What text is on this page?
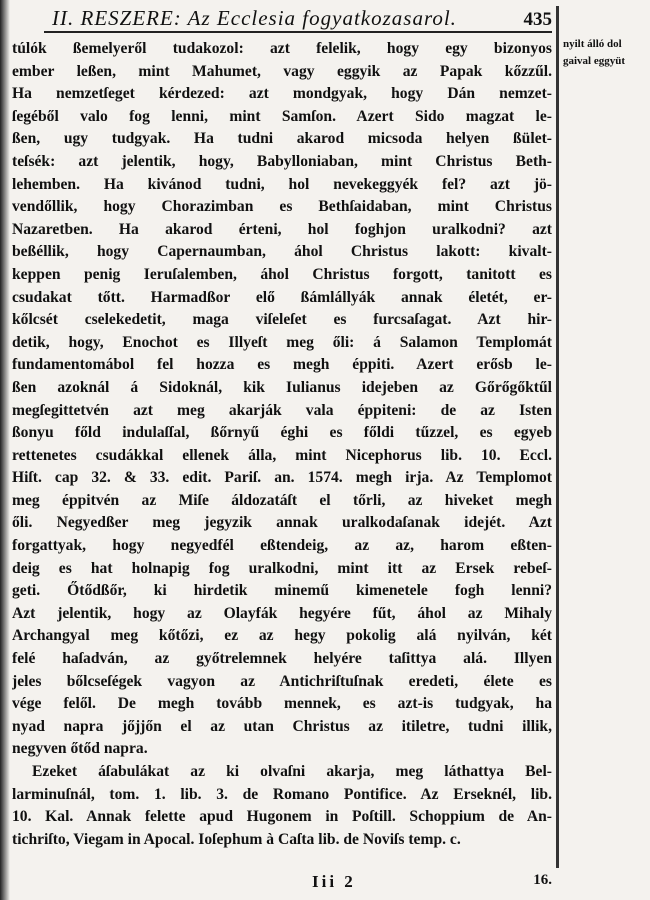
II. RESZERE: Az Ecclesia fogyatkozasarol.	435
nyilt álló dol
gaival eggyüt
túlók ßemelyeről tudakozol: azt felelik, hogy egy bizonyos
ember leßen, mint Mahumet, vagy eggyik az Papak kőzzűl.
Ha nemzetſeget kérdezed: azt mondgyak, hogy Dán nemzet-
ſegéből valo fog lenni, mint Samſon. Azert Sido magzat le-
ßen, ugy tudgyak. Ha tudni akarod micsoda helyen ßület-
teſsék: azt jelentik, hogy, Babylloniaban, mint Christus Beth-
lehemben. Ha kivánod tudni, hol nevekeggyék fel? azt jö-
vendőllik, hogy Chorazimban es Bethſaidaban, mint Christus
Nazaretben. Ha akarod érteni, hol foghjon uralkodni? azt
beßéllik, hogy Capernaumban, áhol Christus lakott: kivalt-
keppen penig Ieruſalemben, áhol Christus forgott, tanitott es
csudakat tőtt. Harmadßor elő ßámlállyák annak életét, er-
kőlcsét cselekedetit, maga viſeleſet es furcsaſagat. Azt hir-
detik, hogy, Enochot es Illyeſt meg őli: á Salamon Templomát
fundamentomábol fel hozza es megh éppiti. Azert erősb le-
ßen azoknál á Sidoknál, kik Iulianus idejeben az Gőrőgőktűl
megſegittetvén azt meg akarják vala éppiteni: de az Isten
ßonyu főld indulaſſal, ßőrnyű éghi es főldi tűzzel, es egyeb
rettenetes csudákkal ellenek álla, mint Nicephorus lib. 10. Eccl.
Hiſt. cap 32. & 33. edit. Pariſ. an. 1574. megh irja. Az Templomot
meg éppitvén az Miſe áldozatáſt el tőrli, az hiveket megh
őli. Negyedßer meg jegyzik annak uralkodaſanak idejét. Azt
forgattyak, hogy negyedfél eßtendeig, az az, harom eßten-
deig es hat holnapig fog uralkodni, mint itt az Ersek rebeſ-
geti. Őtődßőr, ki hirdetik minemű kimenetele fogh lenni?
Azt jelentik, hogy az Olayfák hegyére fűt, áhol az Mihaly
Archangyal meg kőtőzi, ez az hegy pokolig alá nyilván, két
felé haſadván, az győtrelemnek helyére taſittya alá. Illyen
jeles bőlcseſégek vagyon az Antichriſtuſnak eredeti, élete es
vége felől. De megh tovább mennek, es azt-is tudgyak, ha
nyad napra jőjjőn el az utan Christus az itiletre, tudni illik,
negyven őtőd napra.
Ezeket áſabulákat az ki olvaſni akarja, meg láthattya Bel-
larminuſnál, tom. 1. lib. 3. de Romano Pontifice. Az Erseknél, lib.
10. Kal. Annak felette apud Hugonem in Poſtill. Schoppium de An-
tichriſto, Viegam in Apocal. Ioſephum à Caſta lib. de Noviſs temp. c.
Iii 2	16.
